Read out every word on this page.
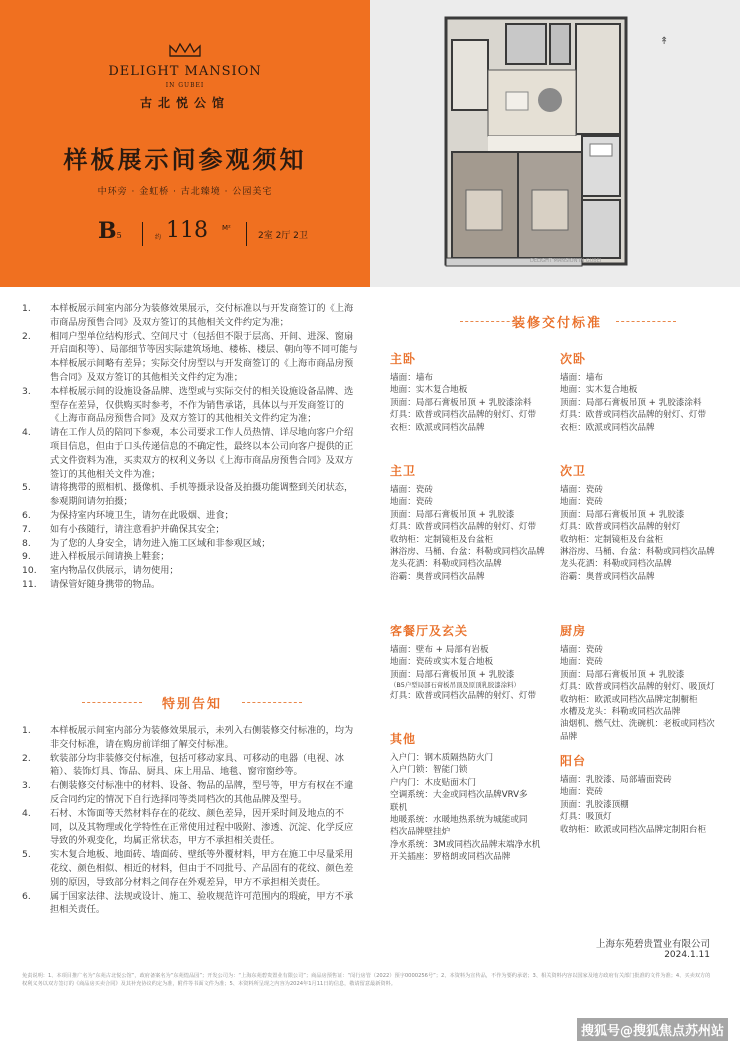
DELIGHT MANSION
IN GUBEI
古北悦公馆
样板展示间参观须知
中环旁 · 金虹桥 · 古北臻境 · 公园美宅
B5	约 118 M²
2室 2厅 2卫
↟
DELIGHT MANSION IN GUBEI
1. 本样板展示间室内部分为装修效果展示，交付标准以与开发商签订的《上海市商品房预售合同》及双方签订的其他相关文件约定为准；
2. 相同户型单位结构形式、空间尺寸（包括但不限于层高、开间、进深、窗扇开启面积等）、局部细节等因实际建筑场地、楼栋、楼层、朝向等不同可能与本样板展示间略有差异；实际交付房型以与开发商签订的《上海市商品房预售合同》及双方签订的其他相关文件约定为准；
3. 本样板展示间的设施设备品牌、选型或与实际交付的相关设施设备品牌、选型存在差异，仅供购买时参考，不作为销售承诺，具体以与开发商签订的《上海市商品房预售合同》及双方签订的其他相关文件约定为准；
4. 请在工作人员的陪同下参观，本公司要求工作人员热情、详尽地向客户介绍项目信息，但由于口头传递信息的不确定性，最终以本公司向客户提供的正式文件资料为准，买卖双方的权利义务以《上海市商品房预售合同》及双方签订的其他相关文件为准；
5. 请将携带的照相机、摄像机、手机等摄录设备及拍摄功能调整到关闭状态，参观期间请勿拍摄；
6. 为保持室内环境卫生，请勿在此吸烟、进食；
7. 如有小孩随行，请注意看护并确保其安全；
8. 为了您的人身安全，请勿进入施工区域和非参观区域；
9. 进入样板展示间请换上鞋套；
10. 室内物品仅供展示，请勿使用；
11. 请保管好随身携带的物品。
特别告知
1. 本样板展示间室内部分为装修效果展示，未列入右侧装修交付标准的，均为非交付标准，请在购房前详细了解交付标准。
2. 软装部分均非装修交付标准，包括可移动家具、可移动的电器（电视、冰箱）、装饰灯具、饰品、厨具、床上用品、地毯、窗帘窗纱等。
3. 右侧装修交付标准中的材料、设备、物品的品牌，型号等，甲方有权在不違反合同约定的情况下自行选择同等类同档次的其他品牌及型号。
4. 石材、木饰面等天然材料存在的花纹、颜色差异，因开采时间及地点的不同，以及其物理或化学特性在正常使用过程中吸附、渗透、沉淀、化学反应导致的外观变化，均属正常状态，甲方不承担相关责任。
5. 实木复合地板、地面砖、墙面砖、壁纸等外覆材料，甲方在施工中尽量采用花纹、颜色相似、相近的材料，但由于不同批号、产品固有的花纹、颜色差别的原因，导致部分材料之间存在外观差异，甲方不承担相关责任。
6. 属于国家法律、法规或设计、施工、验收规范许可范围内的瑕疵，甲方不承担相关责任。
装修交付标准
主卧
墙面：墙布
地面：实木复合地板
顶面：局部石膏板吊顶 + 乳胶漆涂料
灯具：欧普或同档次品牌的射灯、灯带
衣柜：欧派或同档次品牌
次卧
墙面：墙布
地面：实木复合地板
顶面：局部石膏板吊顶 + 乳胶漆涂料
灯具：欧普或同档次品牌的射灯、灯带
衣柜：欧派或同档次品牌
主卫
墙面：瓷砖
地面：瓷砖
顶面：局部石膏板吊顶 + 乳胶漆
灯具：欧普或同档次品牌的射灯、灯带
收纳柜：定制镜柜及台盆柜
淋浴房、马桶、台盆：科勒或同档次品牌
龙头花洒：科勒或同档次品牌
浴霸：奥普或同档次品牌
次卫
墙面：瓷砖
地面：瓷砖
顶面：局部石膏板吊顶 + 乳胶漆
灯具：欧普或同档次品牌的射灯
收纳柜：定制镜柜及台盆柜
淋浴房、马桶、台盆：科勒或同档次品牌
龙头花洒：科勒或同档次品牌
浴霸：奥普或同档次品牌
客餐厅及玄关
墙面：壁布 + 局部有岩板
地面：瓷砖或实木复合地板
顶面：局部石膏板吊顶 + 乳胶漆
（B5户型局部石膏板吊顶及原顶乳胶漆涂料）
灯具：欧普或同档次品牌的射灯、灯带
厨房
墙面：瓷砖
地面：瓷砖
顶面：局部石膏板吊顶 + 乳胶漆
灯具：欧普或同档次品牌的射灯、吸顶灯
收纳柜：欧派或同档次品牌定制橱柜
水槽及龙头：科勒或同档次品牌
油烟机、燃气灶、洗碗机：老板或同档次
品牌
其他
入户门：钢木质隔热防火门
入户门锁：智能门锁
户内门：木皮贴面木门
空调系统：大金或同档次品牌VRV多
联机
地暖系统：水暖地热系统为城能或同
档次品牌壁挂炉
净水系统：3M或同档次品牌末端净水机
开关插座：罗格朗或同档次品牌
阳台
墙面：乳胶漆、局部墙面瓷砖
地面：瓷砖
顶面：乳胶漆顶棚
灯具：吸顶灯
收纳柜：欧派或同档次品牌定制阳台柜
上海东苑碧贵置业有限公司
2024.1.11
免责说明：1、本项目推广名为“东苑古北悦公馆”，政府备案名为“东苑煌品园”；开发公司为：“上海东苑碧贵置业有限公司”；商品房预售证：“闵行房管（2022）预字0000256号”；2、本资料为宣传品，不作为要约承诺；3、相关资料内容以国家及地方政府有关部门批准的文件为准；4、买卖双方的权利义务以双方签订的《商品房买卖合同》及其补充协议约定为准，附件等书面文件为准；5、本资料所呈现之内容为2024年1月11日的信息，敬请留意最新资料。
搜狐号@搜狐焦点苏州站
